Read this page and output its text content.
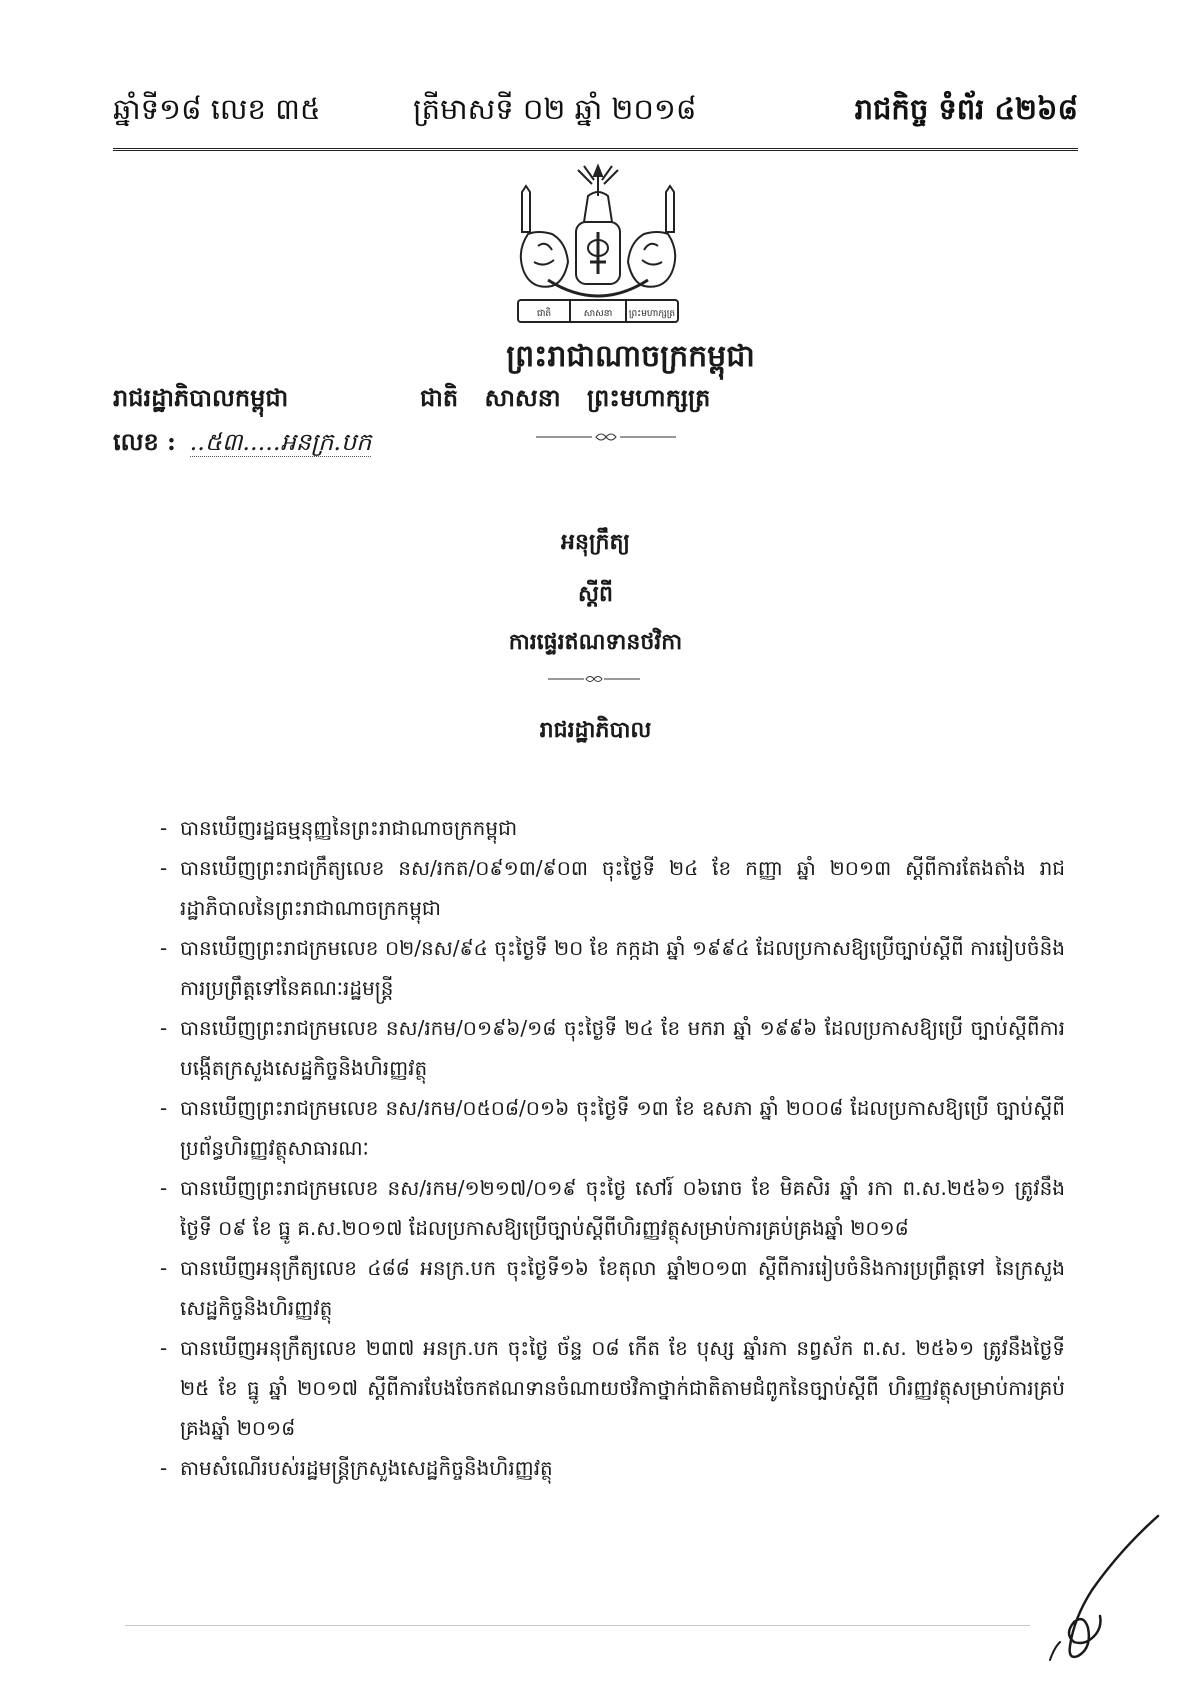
ឆ្នាំទី១៨ លេខ ៣៥	ត្រីមាសទី ០២ ឆ្នាំ ២០១៨	រាជកិច្ច ទំព័រ ៤២៦៨
ជាតិ	សាសនា ព្រះមហាក្សត្រ
ព្រះរាជាណាចក្រកម្ពុជា
រាជរដ្ឋាភិបាលកម្ពុជា	ជាតិ សាសនា ព្រះមហាក្សត្រ
លេខ : ..៥៣.....អនក្រ.បក
អនុក្រឹត្យ
ស្តីពី
ការផ្ទេរឥណទានថវិកា
រាជរដ្ឋាភិបាល
- បានឃើញរដ្ឋធម្មនុញ្ញនៃព្រះរាជាណាចក្រកម្ពុជា
- បានឃើញព្រះរាជក្រឹត្យលេខ នស/រកត/០៩១៣/៩០៣ ចុះថ្ងៃទី ២៤ ខែ កញ្ញា ឆ្នាំ ២០១៣ ស្តីពីការតែងតាំង រាជរដ្ឋាភិបាលនៃព្រះរាជាណាចក្រកម្ពុជា
- បានឃើញព្រះរាជក្រមលេខ ០២/នស/៩៤ ចុះថ្ងៃទី ២០ ខែ កក្កដា ឆ្នាំ ១៩៩៤ ដែលប្រកាសឱ្យប្រើច្បាប់ស្តីពី ការរៀបចំនិងការប្រព្រឹត្តទៅនៃគណៈរដ្ឋមន្ត្រី
- បានឃើញព្រះរាជក្រមលេខ នស/រកម/០១៩៦/១៨ ចុះថ្ងៃទី ២៤ ខែ មករា ឆ្នាំ ១៩៩៦ ដែលប្រកាសឱ្យប្រើ ច្បាប់ស្តីពីការបង្កើតក្រសួងសេដ្ឋកិច្ចនិងហិរញ្ញវត្ថុ
- បានឃើញព្រះរាជក្រមលេខ នស/រកម/០៥០៨/០១៦ ចុះថ្ងៃទី ១៣ ខែ ឧសភា ឆ្នាំ ២០០៨ ដែលប្រកាសឱ្យប្រើ ច្បាប់ស្តីពីប្រព័ន្ធហិរញ្ញវត្ថុសាធារណៈ
- បានឃើញព្រះរាជក្រមលេខ នស/រកម/១២១៧/០១៩ ចុះថ្ងៃ សៅរ៍ ០៦រោច ខែ មិគសិរ ឆ្នាំ រកា ព.ស.២៥៦១ ត្រូវនឹងថ្ងៃទី ០៩ ខែ ធ្នូ គ.ស.២០១៧ ដែលប្រកាសឱ្យប្រើច្បាប់ស្តីពីហិរញ្ញវត្ថុសម្រាប់ការគ្រប់គ្រងឆ្នាំ ២០១៨
- បានឃើញអនុក្រឹត្យលេខ ៤៨៨ អនក្រ.បក ចុះថ្ងៃទី១៦ ខែតុលា ឆ្នាំ២០១៣ ស្តីពីការរៀបចំនិងការប្រព្រឹត្តទៅ នៃក្រសួងសេដ្ឋកិច្ចនិងហិរញ្ញវត្ថុ
- បានឃើញអនុក្រឹត្យលេខ ២៣៧ អនក្រ.បក ចុះថ្ងៃ ច័ន្ទ ០៨ កើត ខែ បុស្ស ឆ្នាំរកា នព្វស័ក ព.ស. ២៥៦១ ត្រូវនឹងថ្ងៃទី ២៥ ខែ ធ្នូ ឆ្នាំ ២០១៧ ស្តីពីការបែងចែកឥណទានចំណាយថវិកាថ្នាក់ជាតិតាមជំពូកនៃច្បាប់ស្តីពី ហិរញ្ញវត្ថុសម្រាប់ការគ្រប់គ្រងឆ្នាំ ២០១៨
- តាមសំណើរបស់រដ្ឋមន្ត្រីក្រសួងសេដ្ឋកិច្ចនិងហិរញ្ញវត្ថុ
